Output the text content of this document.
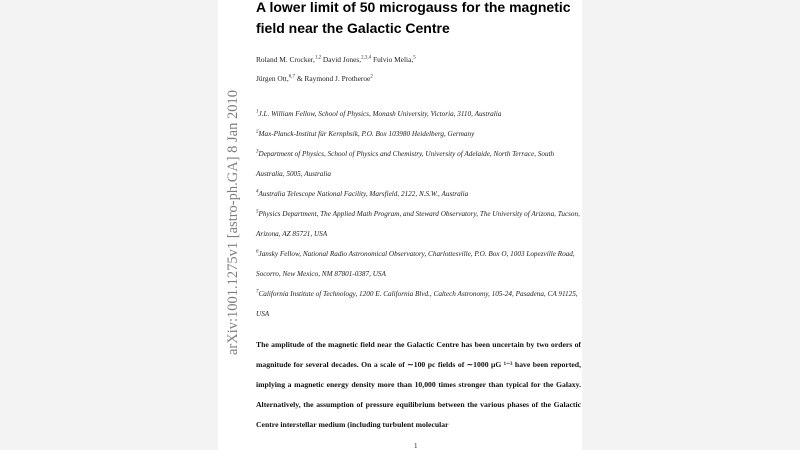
arXiv:1001.1275v1 [astro-ph.GA] 8 Jan 2010
A lower limit of 50 microgauss for the magnetic field near the Galactic Centre
Roland M. Crocker,$^{1,2}$ David Jones,$^{2,3,4}$ Fulvio Melia,$^5$
Jürgen Ott,$^{6,7}$ & Raymond J. Protheroe$^2$

$^1$J.L. William Fellow, School of Physics, Monash University, Victoria, 3110, Australia

$^2$Max-Planck-Institut für Kernphsik, P.O. Box 103980 Heidelberg, Germany

$^3$Department of Physics, School of Physics and Chemistry, University of Adelaide, North Terrace, South Australia, 5005, Australia

$^4$Australia Telescope National Facility, Marsfield, 2122, N.S.W., Australia

$^5$Physics Department, The Applied Math Program, and Steward Observatory, The University of Arizona, Tucson, Arizona, AZ 85721, USA

$^6$Jansky Fellow, National Radio Astronomical Observatory, Charlottesville, P.O. Box O, 1003 Lopezville Road, Socorro, New Mexico, NM 87801-0387, USA

$^7$California Institute of Technology, 1200 E. California Blvd., Caltech Astronomy, 105-24, Pasadena, CA 91125, USA

The amplitude of the magnetic field near the Galactic Centre has been uncertain by two orders of magnitude for several decades. On a scale of ∼100 pc fields of ∼1000 μG ¹⁻³ have been reported, implying a magnetic energy density more than 10,000 times stronger than typical for the Galaxy. Alternatively, the assumption of pressure equilibrium between the various phases of the Galactic Centre interstellar medium (including turbulent molecular

1
